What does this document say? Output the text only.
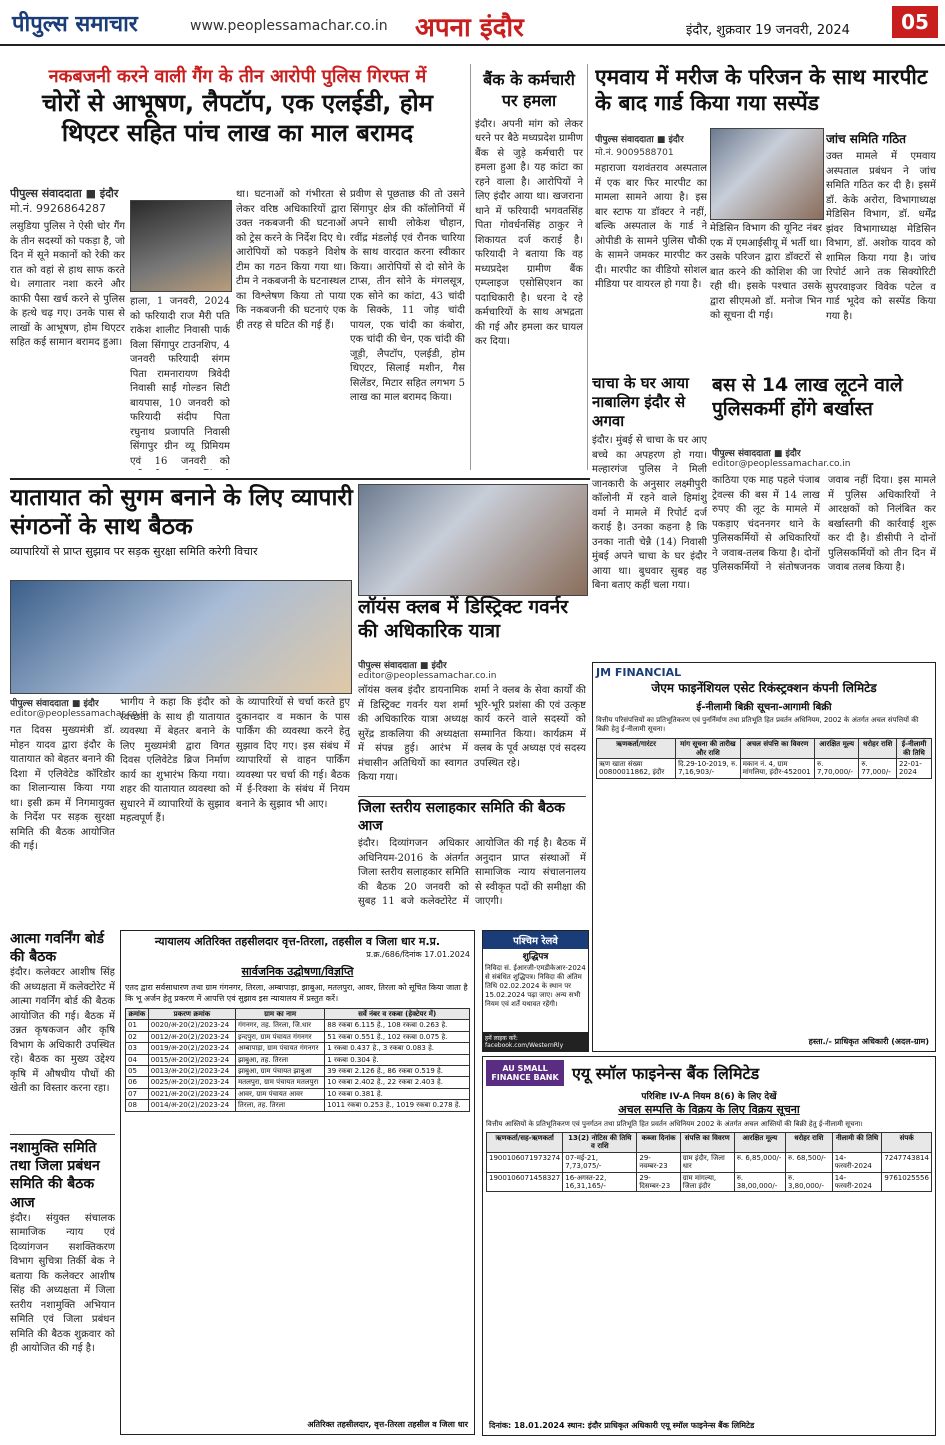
पीपुल्स समाचार	www.peoplessamachar.co.in अपना इंदौर	इंदौर, शुक्रवार 19 जनवरी, 2024	05
नकबजनी करने वाली गैंग के तीन आरोपी पुलिस गिरफ्त में
चोरों से आभूषण, लैपटॉप, एक एलईडी, होम थिएटर सहित पांच लाख का माल बरामद
पीपुल्स संवाददाता ■ इंदौर
मो.नं. 9926864287
लसुडिया पुलिस ने ऐसी चोर गैंग के तीन सदस्यों को पकड़ा है, जो दिन में सूने मकानों को रेकी कर रात को वहां से हाथ साफ करते थे। लगातार नशा करने और काफी पैसा खर्च करने से पुलिस के हत्थे चढ़ गए। उनके पास से लाखों के आभूषण, होम थिएटर सहित कई सामान बरामद हुआ।
हाला, 1 जनवरी, 2024 को फरियादी राज मैरी पति राकेश शालीट निवासी पार्क विला सिंगापुर टाउनशिप, 4 जनवरी फरियादी संगम पिता रामनारायण त्रिवेदी निवासी साईं गोल्डन सिटी बायपास, 10 जनवरी को फरियादी संदीप पिता रघुनाथ प्रजापति निवासी सिंगापुर ग्रीन व्यू प्रिमियम एवं 16 जनवरी को
था। घटनाओं को गंभीरता से लेकर वरिष्ठ अधिकारियों द्वारा उक्त नकबजनी की घटनाओं को ट्रेस करने के निर्देश दिए थे। आरोपियों को पकड़ने विशेष टीम का गठन किया गया था। टीम ने नकबजनी के घटनास्थल का विश्लेषण किया तो पाया कि नकबजनी की घटनाएं एक ही तरह से घटित की गई हैं।
प्रवीण से पूछताछ की तो उसने सिंगापुर क्षेत्र की कॉलोनियों में अपने साथी लोकेश चौहान, रवींद्र मंडलोई एवं रौनक चारिया के साथ वारदात करना स्वीकार किया। आरोपियों से दो सोने के टाप्स, तीन सोने के मंगलसूत्र, एक सोने का कांटा, 43 चांदी के सिक्के, 11 जोड़ चांदी पायल, एक चांदी का कंबोरा, एक चांदी की चेन, एक चांदी की जूड़ी, लैपटॉप, एलईडी, होम थिएटर, सिलाई मशीन, गैस सिलेंडर, मिटार सहित लगभग 5 लाख का माल बरामद किया।
बैंक के कर्मचारी पर हमला
इंदौर। अपनी मांग को लेकर धरने पर बैठे मध्यप्रदेश ग्रामीण बैंक से जुड़े कर्मचारी पर हमला हुआ है। यह कांटा का रहने वाला है। आरोपियों ने लिए इंदौर आया था। खजराना थाने में फरियादी भगवतसिंह पिता गोवर्धनसिंह ठाकुर ने शिकायत दर्ज कराई है। फरियादी ने बताया कि वह मध्यप्रदेश ग्रामीण बैंक एम्प्लाइज एसोसिएशन का पदाधिकारी है। धरना दे रहे कर्मचारियों के साथ अभद्रता की गई और हमला कर घायल कर दिया।
एमवाय में मरीज के परिजन के साथ मारपीट के बाद गार्ड किया गया सस्पेंड
पीपुल्स संवाददाता ■ इंदौर
मो.नं. 9009588701
जांच समिति गठित
महाराजा यशवंतराव अस्पताल में एक बार फिर मारपीट का मामला सामने आया है। इस बार स्टाफ या डॉक्टर ने नहीं, बल्कि अस्पताल के गार्ड ने ओपीडी के सामने पुलिस चौकी के सामने जमकर मारपीट कर दी। मारपीट का वीडियो सोशल मीडिया पर वायरल हो गया है।
मेडिसिन विभाग की यूनिट नंबर एक में एमआईसीयू में भर्ती था। उसके परिजन द्वारा डॉक्टरों से बात करने की कोशिश की जा रही थी। इसके पश्चात उसके द्वारा सीएमओ डॉ. मनोज भिन को सूचना दी गई।
उक्त मामले में एमवाय अस्पताल प्रबंधन ने जांच समिति गठित कर दी है। इसमें डॉ. केके अरोरा, विभागाध्यक्ष मेडिसिन विभाग, डॉ. धर्मेंद्र झंवर विभागाध्यक्ष मेडिसिन विभाग, डॉ. अशोक यादव को शामिल किया गया है। जांच रिपोर्ट आने तक सिक्योरिटी सुपरवाइजर विवेक पटेल व गार्ड भूदेव को सस्पेंड किया गया है।
चाचा के घर आया नाबालिग इंदौर से अगवा
इंदौर। मुंबई से चाचा के घर आए बच्चे का अपहरण हो गया। मल्हारगंज पुलिस ने मिली जानकारी के अनुसार लक्ष्मीपुरी कॉलोनी में रहने वाले हिमांशु वर्मा ने मामले में रिपोर्ट दर्ज कराई है। उनका कहना है कि उनका नाती चेन्नै (14) निवासी मुंबई अपने चाचा के घर इंदौर आया था। बुधवार सुबह वह बिना बताए कहीं चला गया।
बस से 14 लाख लूटने वाले पुलिसकर्मी होंगे बर्खास्त
पीपुल्स संवाददाता ■ इंदौर
editor@peoplessamachar.co.in
काठिया एक माह पहले पंजाब ट्रेवल्स की बस में 14 लाख रुपए की लूट के मामले में पकड़ाए चंदननगर थाने के पुलिसकर्मियों से अधिकारियों ने जवाब-तलब किया है। दोनों पुलिसकर्मियों ने संतोषजनक जवाब नहीं दिया। इस मामले में पुलिस अधिकारियों ने आरक्षकों को निलंबित कर बर्खास्तगी की कार्रवाई शुरू कर दी है। डीसीपी ने दोनों पुलिसकर्मियों को तीन दिन में जवाब तलब किया है।
यातायात को सुगम बनाने के लिए व्यापारी संगठनों के साथ बैठक
व्यापारियों से प्राप्त सुझाव पर सड़क सुरक्षा समिति करेगी विचार
पीपुल्स संवाददाता ■ इंदौर
editor@peoplessamachar.co.in
गत दिवस मुख्यमंत्री डॉ. मोहन यादव द्वारा इंदौर के यातायात को बेहतर बनाने की दिशा में एलिवेटेड कॉरिडोर का शिलान्यास किया गया था। इसी क्रम में निगमायुक्त के निर्देश पर सड़क सुरक्षा समिति की बैठक आयोजित की गई।
भागीय ने कहा कि इंदौर को स्वच्छता के साथ ही यातायात व्यवस्था में बेहतर बनाने के लिए मुख्यमंत्री द्वारा विगत दिवस एलिवेटेड ब्रिज निर्माण कार्य का शुभारंभ किया गया। शहर की यातायात व्यवस्था को सुधारने में व्यापारियों के सुझाव महत्वपूर्ण हैं।
के व्यापारियों से चर्चा करते हुए दुकानदार व मकान के पास पार्किंग की व्यवस्था करने हेतु सुझाव दिए गए। इस संबंध में व्यापारियों से वाहन पार्किंग व्यवस्था पर चर्चा की गई। बैठक में ई-रिक्शा के संबंध में नियम बनाने के सुझाव भी आए।
लॉयंस क्लब में डिस्ट्रिक्ट गवर्नर की अधिकारिक यात्रा
पीपुल्स संवाददाता ■ इंदौर
editor@peoplessamachar.co.in
लॉयंस क्लब इंदौर डायनामिक में डिस्ट्रिक्ट गवर्नर यश शर्मा की अधिकारिक यात्रा अध्यक्ष सुरेंद्र डाकलिया की अध्यक्षता में संपन्न हुई। आरंभ में मंचासीन अतिथियों का स्वागत किया गया।
शर्मा ने क्लब के सेवा कार्यों की भूरि-भूरि प्रशंसा की एवं उत्कृष्ट कार्य करने वाले सदस्यों को सम्मानित किया। कार्यक्रम में क्लब के पूर्व अध्यक्ष एवं सदस्य उपस्थित रहे।
जिला स्तरीय सलाहकार समिति की बैठक आज
इंदौर। दिव्यांगजन अधिकार अधिनियम-2016 के अंतर्गत जिला स्तरीय सलाहकार समिति की बैठक 20 जनवरी को सुबह 11 बजे कलेक्टोरेट में आयोजित की गई है। बैठक में अनुदान प्राप्त संस्थाओं में सामाजिक न्याय संचालनालय से स्वीकृत पदों की समीक्षा की जाएगी।
पश्चिम रेलवे
शुद्धिपत्र
निविदा सं. ईआरजी-एमडीकेआर-2024 से संबंधित शुद्धिपत्र। निविदा की अंतिम तिथि 02.02.2024 के स्थान पर 15.02.2024 पढ़ा जाए। अन्य सभी नियम एवं शर्तें यथावत रहेंगी।
हमें लाइक करें: facebook.com/WesternRly
आत्मा गवर्निंग बोर्ड की बैठक
इंदौर। कलेक्टर आशीष सिंह की अध्यक्षता में कलेक्टोरेट में आत्मा गवर्निंग बोर्ड की बैठक आयोजित की गई। बैठक में उन्नत कृषकजन और कृषि विभाग के अधिकारी उपस्थित रहे। बैठक का मुख्य उद्देश्य कृषि में औषधीय पौधों की खेती का विस्तार करना रहा।
नशामुक्ति समिति तथा जिला प्रबंधन समिति की बैठक आज
इंदौर। संयुक्त संचालक सामाजिक न्याय एवं दिव्यांगजन सशक्तिकरण विभाग सुचित्रा तिर्की बेक ने बताया कि कलेक्टर आशीष सिंह की अध्यक्षता में जिला स्तरीय नशामुक्ति अभियान समिति एवं जिला प्रबंधन समिति की बैठक शुक्रवार को ही आयोजित की गई है।
न्यायालय अतिरिक्त तहसीलदार वृत्त-तिरला, तहसील व जिला धार म.प्र.
प्र.क्र./686/दिनांक 17.01.2024
सार्वजनिक उद्घोषणा/विज्ञप्ति
एतद द्वारा सर्वसाधारण तथा ग्राम गंगनगर, तिरला, अम्बापाड़ा, झाबुआ, मतलपुरा, आवर, तिरला को सूचित किया जाता है कि भू अर्जन हेतु प्रकरण में आपत्ति एवं सुझाव इस न्यायालय में प्रस्तुत करें।
क्रमांक	प्रकरण क्रमांक	ग्राम का नाम	सर्वे नंबर व रकबा (हेक्टेयर में)
01	0020/अ-20(2)/2023-24	गंगनगर, तह. तिरला, जि.धार	88 रकबा 6.115 हे., 108 रकबा 0.263 हे.
02	0012/अ-20(2)/2023-24	इन्दपुरा, ग्राम पंचायत गंगनगर	51 रकबा 0.551 हे., 102 रकबा 0.075 हे.
03	0019/अ-20(2)/2023-24	अम्बापाड़ा, ग्राम पंचायत गंगनगर	1 रकबा 0.437 हे., 3 रकबा 0.083 हे.
04	0015/अ-20(2)/2023-24	झाबुआ, तह. तिरला	1 रकबा 0.304 हे.
05	0013/अ-20(2)/2023-24	झाबुआ, ग्राम पंचायत झाबुआ	39 रकबा 2.126 हे., 86 रकबा 0.519 हे.
06	0025/अ-20(2)/2023-24	मतलपुरा, ग्राम पंचायत मतलपुरा	10 रकबा 2.402 हे., 22 रकबा 2.403 हे.
07	0021/अ-20(2)/2023-24	आवर, ग्राम पंचायत आवर	10 रकबा 0.381 हे.
08	0014/अ-20(2)/2023-24	तिरला, तह. तिरला	1011 रकबा 0.253 हे., 1019 रकबा 0.278 हे.
अतिरिक्त तहसीलदार, वृत्त-तिरला तहसील व जिला धार
JM FINANCIAL
जेएम फाइनेंशियल एसेट रिकंस्ट्रक्शन कंपनी लिमिटेड
ई-नीलामी बिक्री सूचना-आगामी बिक्री
वित्तीय परिसंपत्तियों का प्रतिभूतिकरण एवं पुनर्निर्माण तथा प्रतिभूति हित प्रवर्तन अधिनियम, 2002 के अंतर्गत अचल संपत्तियों की बिक्री हेतु ई-नीलामी सूचना।
ऋणकर्ता/गारंटर	मांग सूचना की तारीख और राशि	अचल संपत्ति का विवरण	आरक्षित मूल्य	धरोहर राशि	ई-नीलामी की तिथि
ऋण खाता संख्या 00800011862, इंदौर	दि.29-10-2019, रु. 7,16,903/-	मकान नं. 4, ग्राम मांगलिया, इंदौर-452001	रु. 7,70,000/-	रु. 77,000/-	22-01-2024
हस्ता./- प्राधिकृत अधिकारी (अदल-ग्राम)
AU SMALL FINANCE BANK एयू स्मॉल फाइनेन्स बैंक लिमिटेड
परिशिष्ट IV-A नियम 8(6) के लिए देखें
अचल सम्पत्ति के विक्रय के लिए विक्रय सूचना
वित्तीय आस्तियों के प्रतिभूतिकरण एवं पुनर्गठन तथा प्रतिभूति हित प्रवर्तन अधिनियम 2002 के अंतर्गत अचल आस्तियों की बिक्री हेतु ई-नीलामी सूचना।
ऋणकर्ता/सह-ऋणकर्ता	13(2) नोटिस की तिथि व राशि	कब्जा दिनांक	संपत्ति का विवरण	आरक्षित मूल्य	धरोहर राशि	नीलामी की तिथि	संपर्क
1900106071973274	07-मई-21, 7,73,075/-	29-नवम्बर-23	ग्राम इंदौर, जिला धार	रु. 6,85,000/-	रु. 68,500/-	14-फरवरी-2024	7247743814
1900106071458327	16-अगस्त-22, 16,31,165/-	29-दिसम्बर-23	ग्राम मांगल्या, जिला इंदौर	रु. 38,00,000/-	रु. 3,80,000/-	14-फरवरी-2024	9761025556
दिनांक: 18.01.2024 स्थान: इंदौर प्राधिकृत अधिकारी एयू स्मॉल फाइनेन्स बैंक लिमिटेड
